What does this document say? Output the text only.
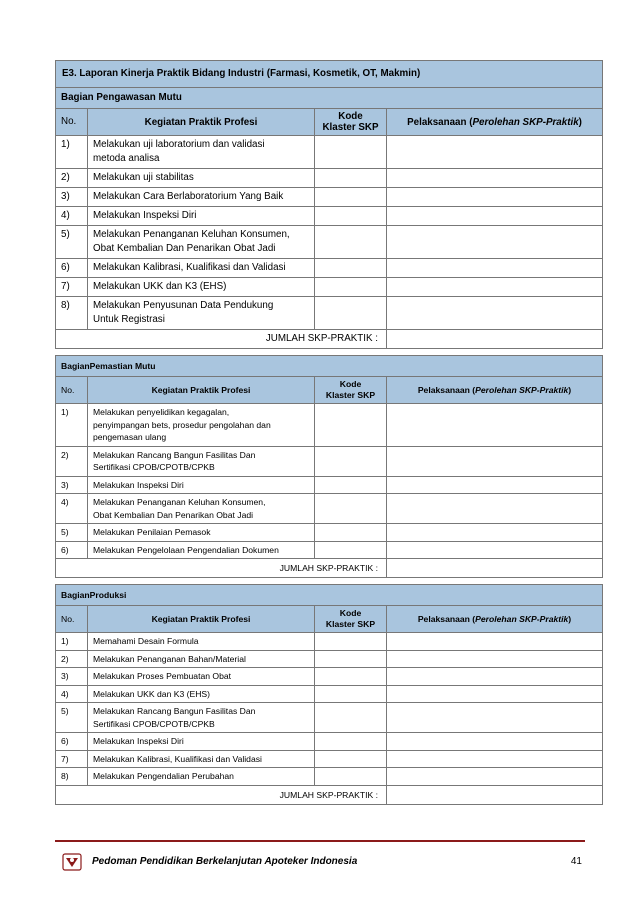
E3. Laporan Kinerja Praktik Bidang Industri (Farmasi, Kosmetik, OT, Makmin)			
Bagian Pengawasan Mutu			
No.	Kegiatan Praktik Profesi	Kode
Klaster SKP	Pelaksanaan (Perolehan SKP-Praktik)
1)	Melakukan uji laboratorium dan validasi
metoda analisa		
2)	Melakukan uji stabilitas		
3)	Melakukan Cara Berlaboratorium Yang Baik		
4)	Melakukan Inspeksi Diri		
5)	Melakukan Penanganan Keluhan Konsumen,
Obat Kembalian Dan Penarikan Obat Jadi		
6)	Melakukan Kalibrasi, Kualifikasi dan Validasi		
7)	Melakukan UKK dan K3 (EHS)		
8)	Melakukan Penyusunan Data Pendukung
Untuk Registrasi		
JUMLAH SKP-PRAKTIK :			
BagianPemastian Mutu			
No.	Kegiatan Praktik Profesi	Kode
Klaster SKP	Pelaksanaan (Perolehan SKP-Praktik)
1)	Melakukan penyelidikan kegagalan,
penyimpangan bets, prosedur pengolahan dan
pengemasan ulang		
2)	Melakukan Rancang Bangun Fasilitas Dan
Sertifikasi CPOB/CPOTB/CPKB		
3)	Melakukan Inspeksi Diri		
4)	Melakukan Penanganan Keluhan Konsumen,
Obat Kembalian Dan Penarikan Obat Jadi		
5)	Melakukan Penilaian Pemasok		
6)	Melakukan Pengelolaan Pengendalian Dokumen		
JUMLAH SKP-PRAKTIK :			
BagianProduksi			
No.	Kegiatan Praktik Profesi	Kode
Klaster SKP	Pelaksanaan (Perolehan SKP-Praktik)
1)	Memahami Desain Formula		
2)	Melakukan Penanganan Bahan/Material		
3)	Melakukan Proses Pembuatan Obat		
4)	Melakukan UKK dan K3 (EHS)		
5)	Melakukan Rancang Bangun Fasilitas Dan
Sertifikasi CPOB/CPOTB/CPKB		
6)	Melakukan Inspeksi Diri		
7)	Melakukan Kalibrasi, Kualifikasi dan Validasi		
8)	Melakukan Pengendalian Perubahan		
JUMLAH SKP-PRAKTIK :			
Pedoman Pendidikan Berkelanjutan Apoteker Indonesia	41
